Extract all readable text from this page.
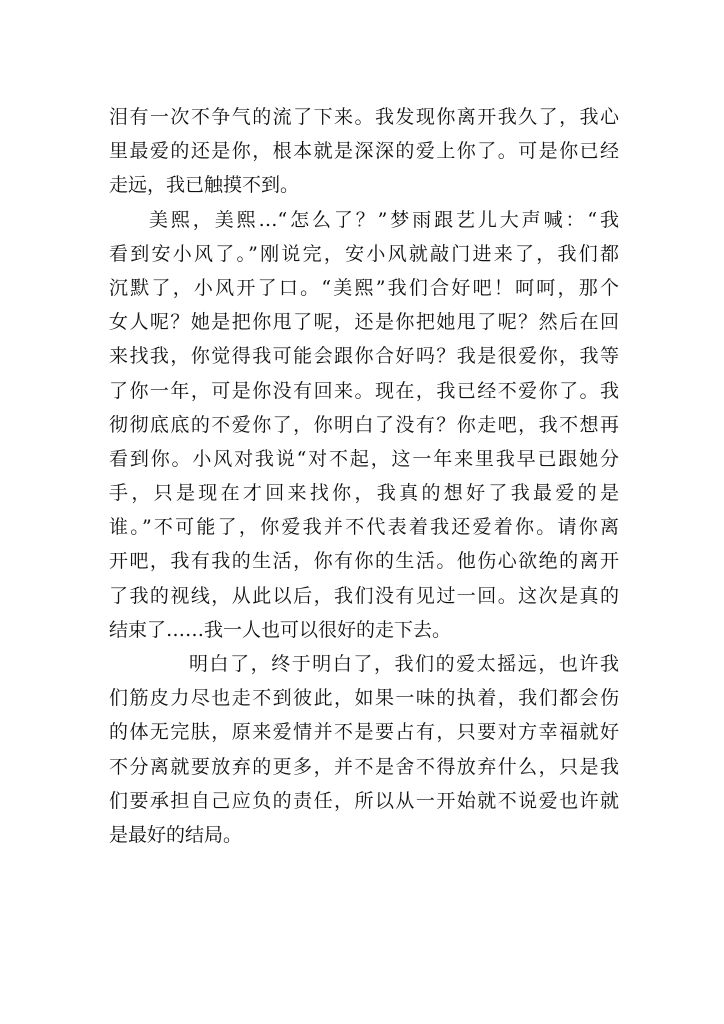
泪有一次不争气的流了下来。我发现你离开我久了，我心
里最爱的还是你，根本就是深深的爱上你了。可是你已经
走远，我已触摸不到。
美熙，美熙…“怎么了？”梦雨跟艺儿大声喊：“我
看到安小风了。”刚说完，安小风就敲门进来了，我们都
沉默了，小风开了口。“美熙”我们合好吧！呵呵，那个
女人呢？她是把你甩了呢，还是你把她甩了呢？然后在回
来找我，你觉得我可能会跟你合好吗？我是很爱你，我等
了你一年，可是你没有回来。现在，我已经不爱你了。我
彻彻底底的不爱你了，你明白了没有？你走吧，我不想再
看到你。小风对我说“对不起，这一年来里我早已跟她分
手，只是现在才回来找你，我真的想好了我最爱的是
谁。”不可能了，你爱我并不代表着我还爱着你。请你离
开吧，我有我的生活，你有你的生活。他伤心欲绝的离开
了我的视线，从此以后，我们没有见过一回。这次是真的
结束了……我一人也可以很好的走下去。
明白了，终于明白了，我们的爱太摇远，也许我
们筋皮力尽也走不到彼此，如果一味的执着，我们都会伤
的体无完肤，原来爱情并不是要占有，只要对方幸福就好
不分离就要放弃的更多，并不是舍不得放弃什么，只是我
们要承担自己应负的责任，所以从一开始就不说爱也许就
是最好的结局。
